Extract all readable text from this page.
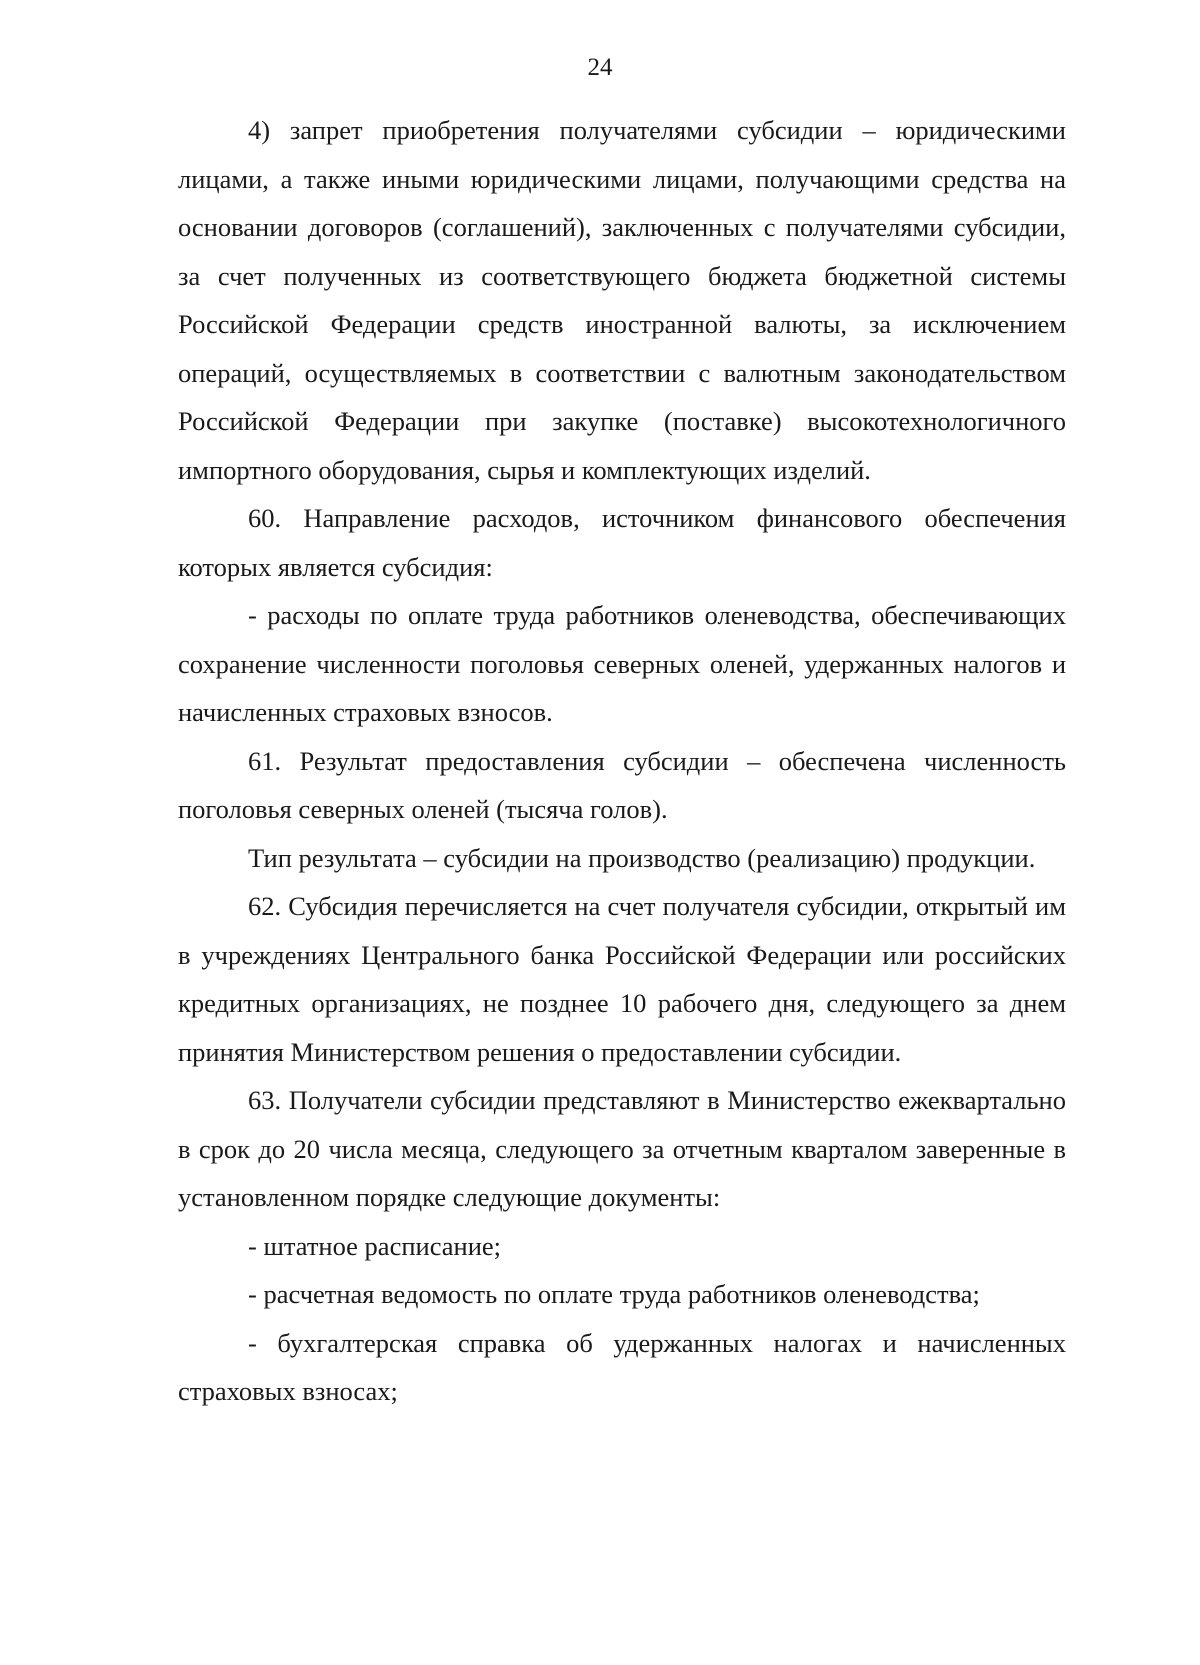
24

4) запрет приобретения получателями субсидии – юридическими лицами, а также иными юридическими лицами, получающими средства на основании договоров (соглашений), заключенных с получателями субсидии, за счет полученных из соответствующего бюджета бюджетной системы Российской Федерации средств иностранной валюты, за исключением операций, осуществляемых в соответствии с валютным законодательством Российской Федерации при закупке (поставке) высокотехнологичного импортного оборудования, сырья и комплектующих изделий.

60. Направление расходов, источником финансового обеспечения которых является субсидия:

- расходы по оплате труда работников оленеводства, обеспечивающих сохранение численности поголовья северных оленей, удержанных налогов и начисленных страховых взносов.

61. Результат предоставления субсидии – обеспечена численность поголовья северных оленей (тысяча голов).

Тип результата – субсидии на производство (реализацию) продукции.

62. Субсидия перечисляется на счет получателя субсидии, открытый им в учреждениях Центрального банка Российской Федерации или российских кредитных организациях, не позднее 10 рабочего дня, следующего за днем принятия Министерством решения о предоставлении субсидии.

63. Получатели субсидии представляют в Министерство ежеквартально в срок до 20 числа месяца, следующего за отчетным кварталом заверенные в установленном порядке следующие документы:

- штатное расписание;

- расчетная ведомость по оплате труда работников оленеводства;

- бухгалтерская справка об удержанных налогах и начисленных страховых взносах;
